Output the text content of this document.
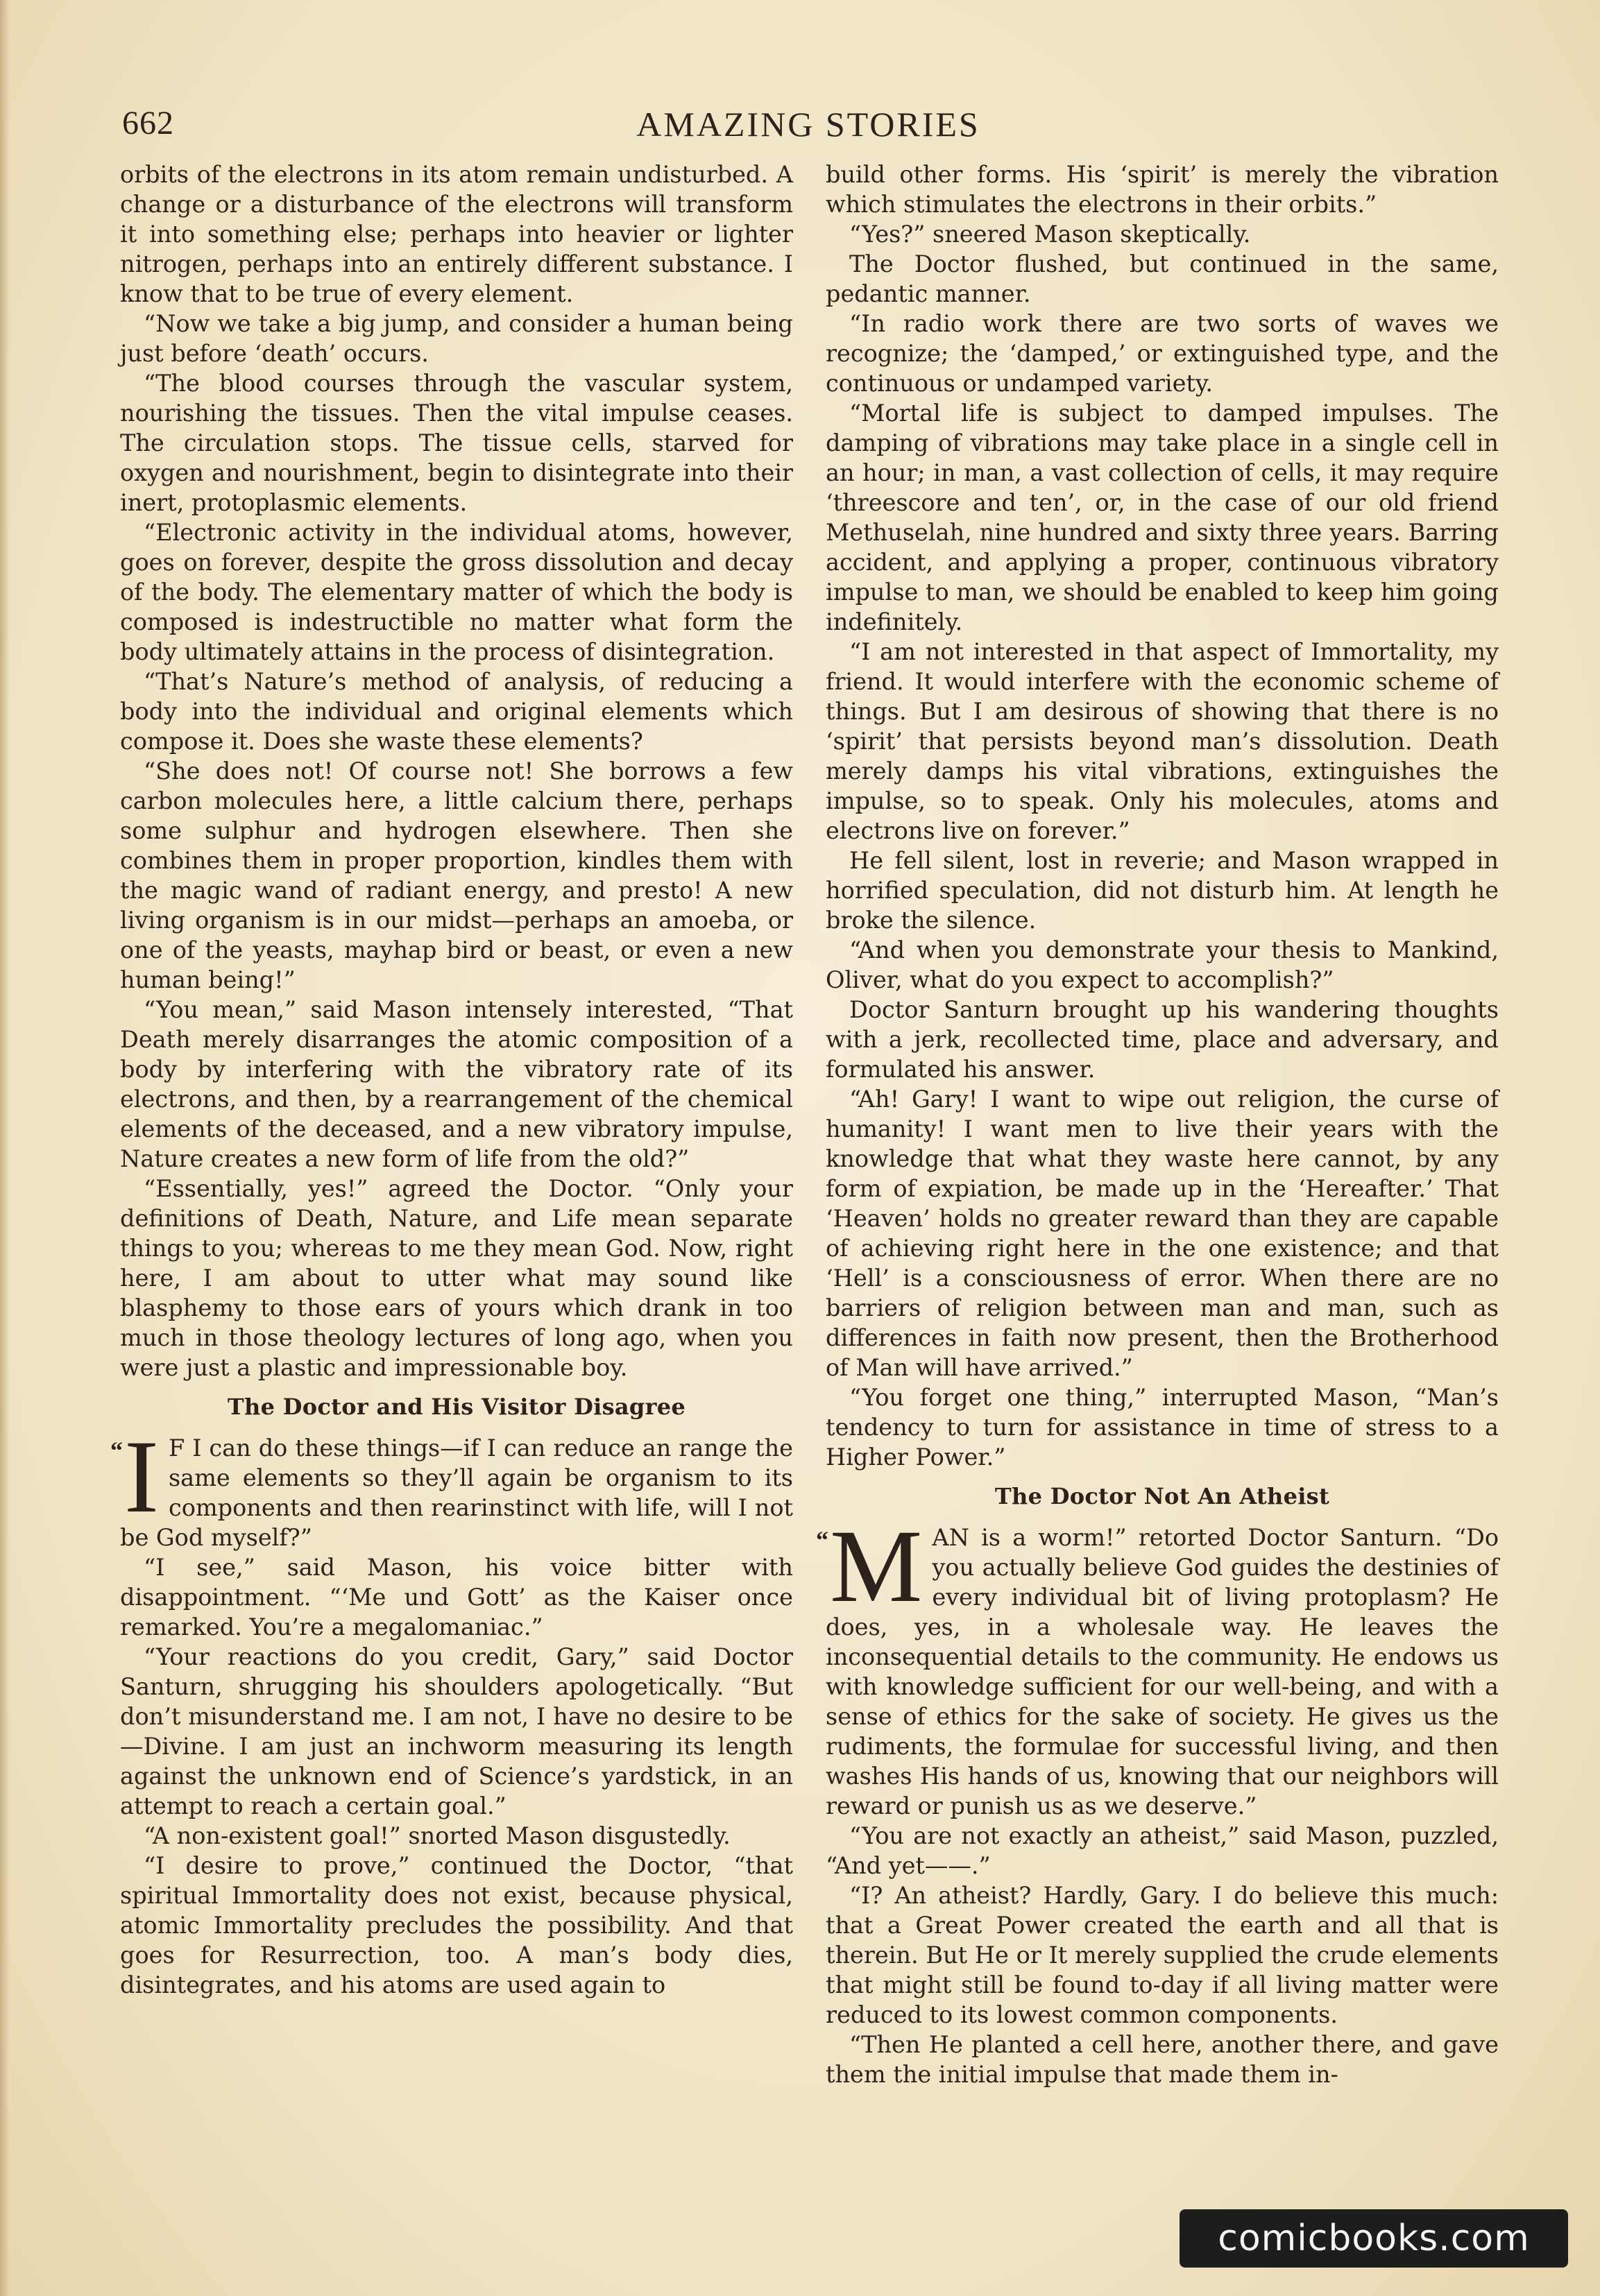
662	AMAZING STORIES

orbits of the electrons in its atom remain undisturbed. A change or a disturbance of the electrons will transform it into something else; perhaps into heavier or lighter nitrogen, perhaps into an entirely different substance. I know that to be true of every element.

“Now we take a big jump, and consider a human being just before ‘death’ occurs.

“The blood courses through the vascular system, nourishing the tissues. Then the vital impulse ceases. The circulation stops. The tissue cells, starved for oxygen and nourishment, begin to disintegrate into their inert, protoplasmic elements.

“Electronic activity in the individual atoms, however, goes on forever, despite the gross dissolution and decay of the body. The elementary matter of which the body is composed is indestructible no matter what form the body ultimately attains in the process of disintegration.

“That’s Nature’s method of analysis, of reducing a body into the individual and original elements which compose it. Does she waste these elements?

“She does not! Of course not! She borrows a few carbon molecules here, a little calcium there, perhaps some sulphur and hydrogen elsewhere. Then she combines them in proper proportion, kindles them with the magic wand of radiant energy, and presto! A new living organism is in our midst—perhaps an amoeba, or one of the yeasts, mayhap bird or beast, or even a new human being!”

“You mean,” said Mason intensely interested, “That Death merely disarranges the atomic composition of a body by interfering with the vibratory rate of its electrons, and then, by a rearrangement of the chemical elements of the deceased, and a new vibratory impulse, Nature creates a new form of life from the old?”

“Essentially, yes!” agreed the Doctor. “Only your definitions of Death, Nature, and Life mean separate things to you; whereas to me they mean God. Now, right here, I am about to utter what may sound like blasphemy to those ears of yours which drank in too much in those theology lectures of long ago, when you were just a plastic and impressionable boy.

The Doctor and His Visitor Disagree
“ I F I can do these things—if I can reduce an range the same elements so they’ll again be organism to its components and then rearinstinct with life, will I not be God myself?”

“I see,” said Mason, his voice bitter with disappointment. “‘Me und Gott’ as the Kaiser once remarked. You’re a megalomaniac.”

“Your reactions do you credit, Gary,” said Doctor Santurn, shrugging his shoulders apologetically. “But don’t misunderstand me. I am not, I have no desire to be—Divine. I am just an inchworm measuring its length against the unknown end of Science’s yardstick, in an attempt to reach a certain goal.”

“A non-existent goal!” snorted Mason disgustedly.

“I desire to prove,” continued the Doctor, “that spiritual Immortality does not exist, because physical, atomic Immortality precludes the possibility. And that goes for Resurrection, too. A man’s body dies, disintegrates, and his atoms are used again to

build other forms. His ‘spirit’ is merely the vibration which stimulates the electrons in their orbits.”

“Yes?” sneered Mason skeptically.

The Doctor flushed, but continued in the same, pedantic manner.

“In radio work there are two sorts of waves we recognize; the ‘damped,’ or extinguished type, and the continuous or undamped variety.

“Mortal life is subject to damped impulses. The damping of vibrations may take place in a single cell in an hour; in man, a vast collection of cells, it may require ‘threescore and ten’, or, in the case of our old friend Methuselah, nine hundred and sixty three years. Barring accident, and applying a proper, continuous vibratory impulse to man, we should be enabled to keep him going indefinitely.

“I am not interested in that aspect of Immortality, my friend. It would interfere with the economic scheme of things. But I am desirous of showing that there is no ‘spirit’ that persists beyond man’s dissolution. Death merely damps his vital vibrations, extinguishes the impulse, so to speak. Only his molecules, atoms and electrons live on forever.”

He fell silent, lost in reverie; and Mason wrapped in horrified speculation, did not disturb him. At length he broke the silence.

“And when you demonstrate your thesis to Mankind, Oliver, what do you expect to accomplish?”

Doctor Santurn brought up his wandering thoughts with a jerk, recollected time, place and adversary, and formulated his answer.

“Ah! Gary! I want to wipe out religion, the curse of humanity! I want men to live their years with the knowledge that what they waste here cannot, by any form of expiation, be made up in the ‘Hereafter.’ That ‘Heaven’ holds no greater reward than they are capable of achieving right here in the one existence; and that ‘Hell’ is a consciousness of error. When there are no barriers of religion between man and man, such as differences in faith now present, then the Brotherhood of Man will have arrived.”

“You forget one thing,” interrupted Mason, “Man’s tendency to turn for assistance in time of stress to a Higher Power.”

The Doctor Not An Atheist
“ M AN is a worm!” retorted Doctor Santurn. “Do you actually believe God guides the destinies of every individual bit of living protoplasm? He does, yes, in a wholesale way. He leaves the inconsequential details to the community. He endows us with knowledge sufficient for our well-being, and with a sense of ethics for the sake of society. He gives us the rudiments, the formulae for successful living, and then washes His hands of us, knowing that our neighbors will reward or punish us as we deserve.”

“You are not exactly an atheist,” said Mason, puzzled, “And yet——.”

“I? An atheist? Hardly, Gary. I do believe this much: that a Great Power created the earth and all that is therein. But He or It merely supplied the crude elements that might still be found to-day if all living matter were reduced to its lowest common components.

“Then He planted a cell here, another there, and gave them the initial impulse that made them in-

comicbooks.com
